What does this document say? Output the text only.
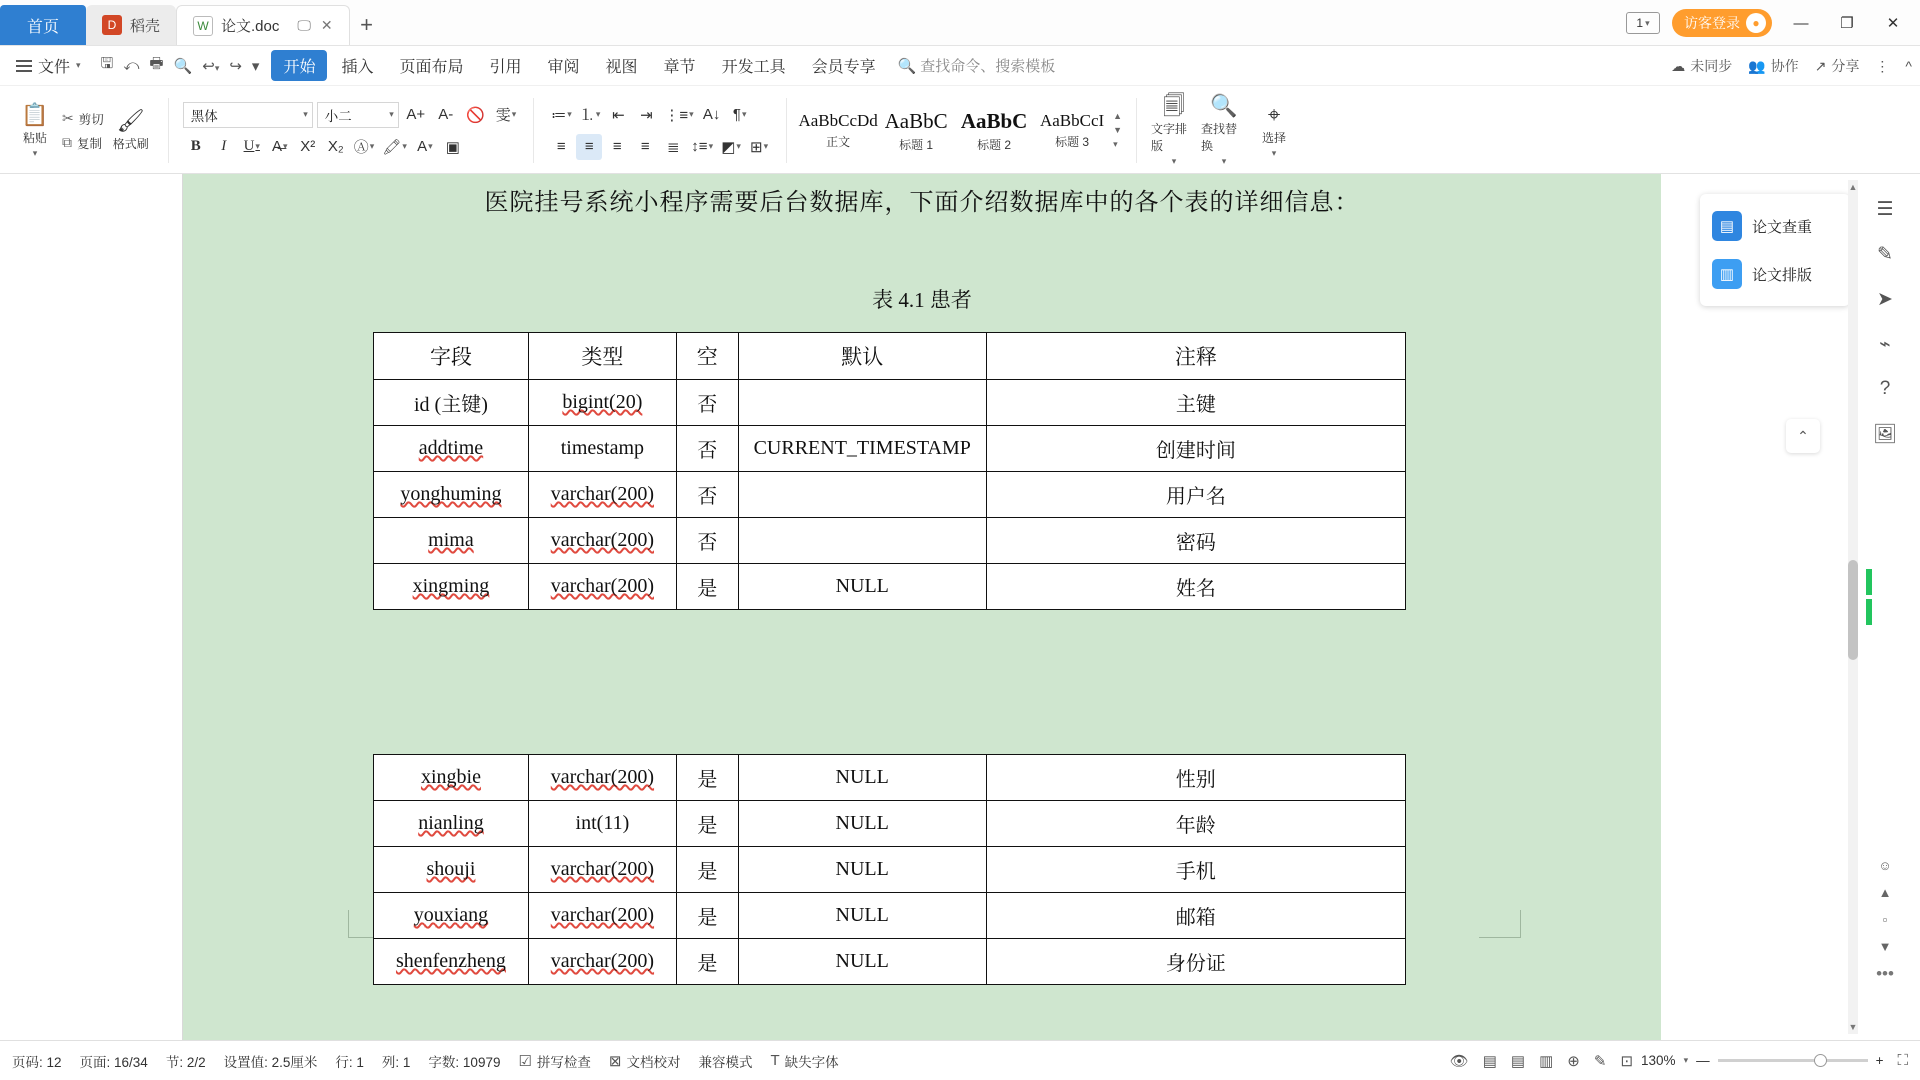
首页	D 稻壳	W 论文.doc 🖵 ✕ +	1 ▾ 访客登录	●	— ❐ ✕
文件 ▾ 🖫 ⤺ 🖶 🔍 ↩▾ ↪ ▾	开始	插入	页面布局	引用	审阅	视图	章节	开发工具	会员专享	🔍 查找命令、搜索模板	☁ 未同步 👥 协作 ↗ 分享 ⋮ ^
📋
粘贴
▾
✂ 剪切
⧉ 复制
🖌
格式刷
黑体	▾ 小二	▾ A+ A- 🚫 雯 ▾
B I U ▾ A̶ ▾ X² X₂ Ⓐ ▾ 🖍 ▾ A ▾ ▣
≔ ▾ ⒈ ▾ ⇤	⇥ ⋮≡ ▾ A↓ ¶ ▾
≡	≡	≡	≡	≣ ↕≡ ▾ ◩ ▾ ⊞ ▾
AaBbCcDd
正文
AaBbC
标题 1
AaBbC
标题 2
AaBbCcI
标题 3
▲
▼
▾
🗐
文字排版
▾
🔍
查找替换
▾
⌖
选择
▾
医院挂号系统小程序需要后台数据库，下面介绍数据库中的各个表的详细信息：
表 4.1 患者
字段	类型	空	默认	注释
id (主键)	bigint(20)	否		主键
addtime	timestamp	否	CURRENT_TIMESTAMP	创建时间
yonghuming	varchar(200)	否		用户名
mima	varchar(200)	否		密码
xingming	varchar(200)	是	NULL	姓名
xingbie	varchar(200)	是	NULL	性别
nianling	int(11)	是	NULL	年龄
shouji	varchar(200)	是	NULL	手机
youxiang	varchar(200)	是	NULL	邮箱
shenfenzheng	varchar(200)	是	NULL	身份证
⌃
▤	论文查重
▥	论文排版
▲
▼
☰
✎
➤
⌁
?
🖼
☺
▲
▫
▼
•••
页码: 12 页面: 16/34 节: 2/2 设置值: 2.5厘米 行: 1 列: 1 字数: 10979 ☑ 拼写检查 ⊠ 文档校对 兼容模式 T 缺失字体	👁 ▤ ▤ ▥ ⊕ ✎ ⊡ 130% ▾ —	+ ⛶
